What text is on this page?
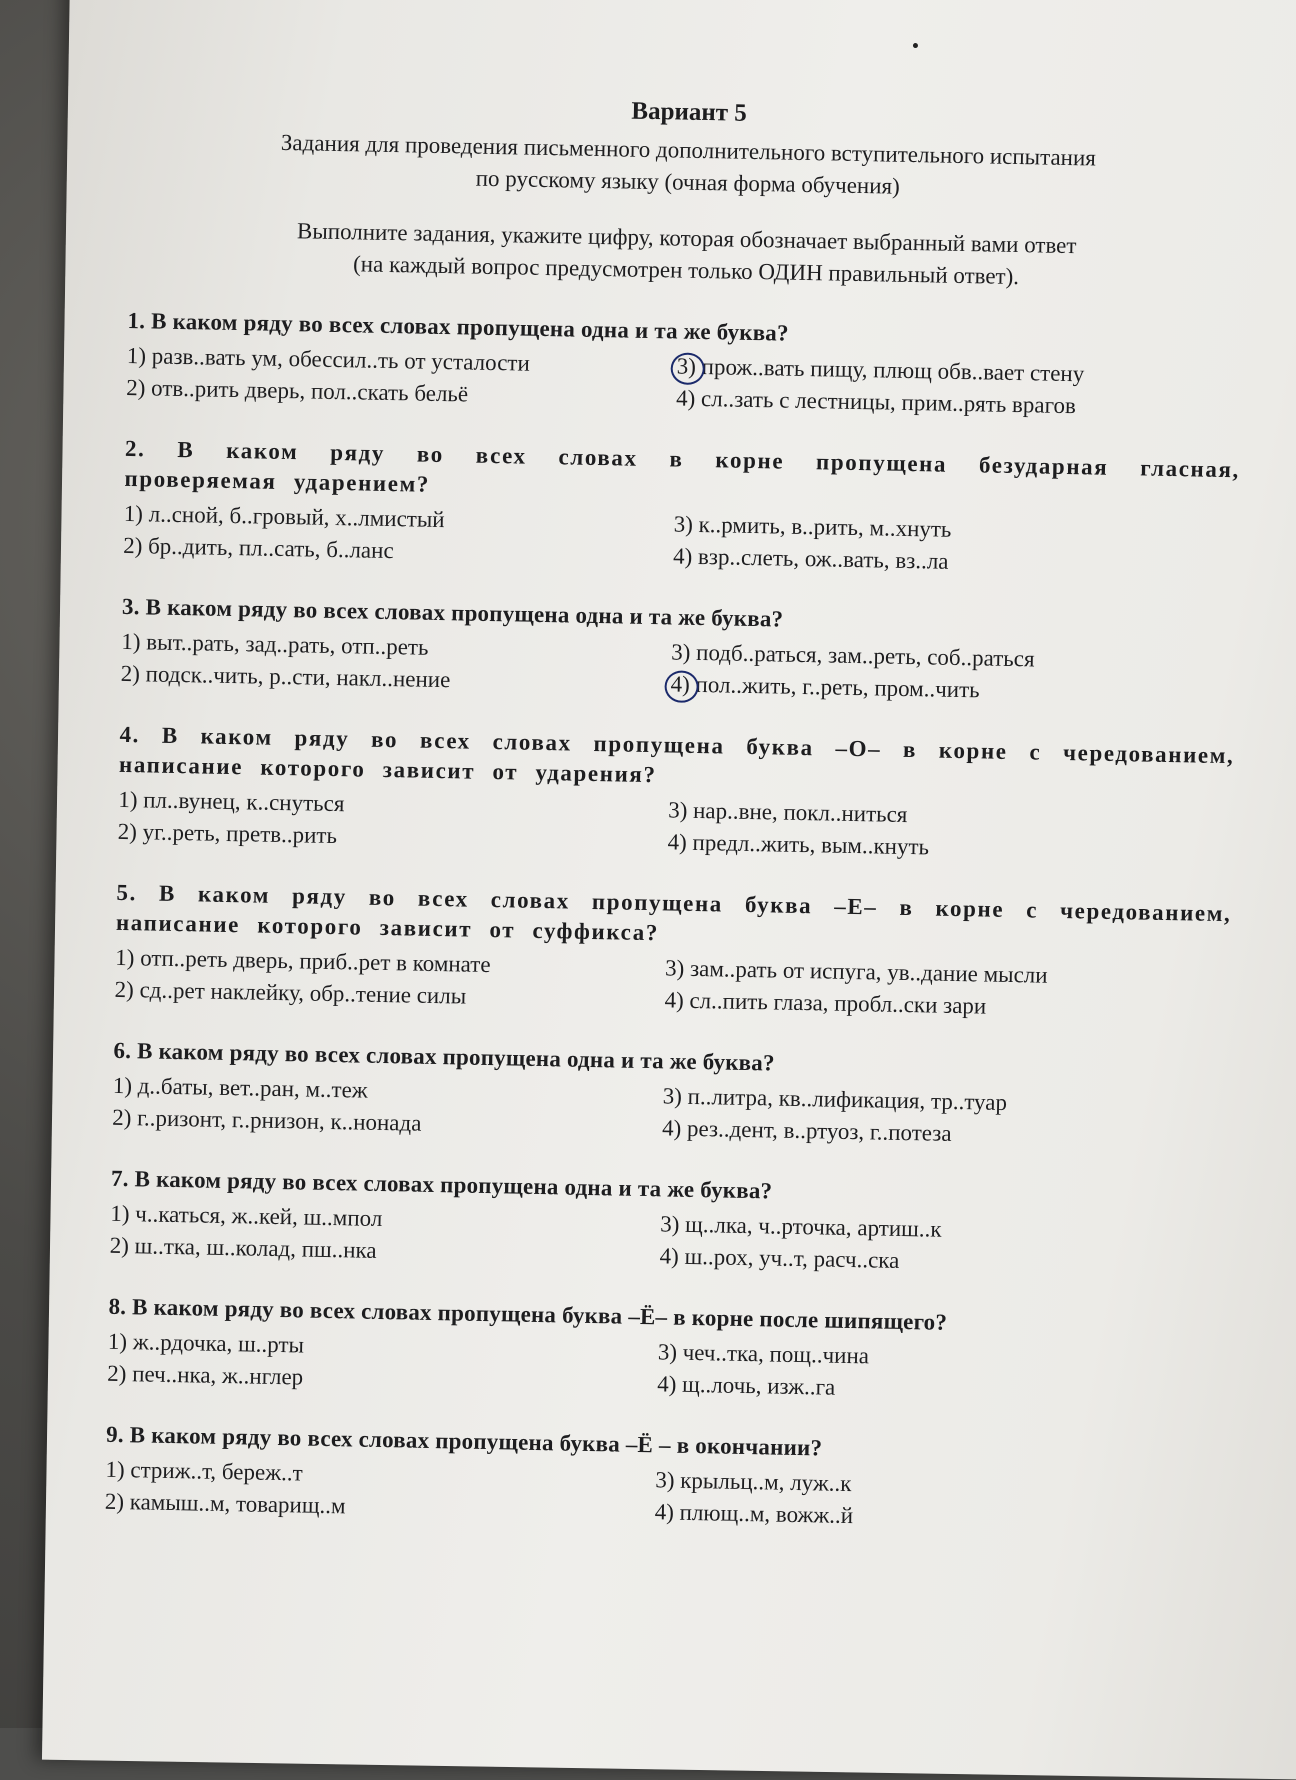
Вариант 5
Задания для проведения письменного дополнительного вступительного испытания
по русскому языку (очная форма обучения)
Выполните задания, укажите цифру, которая обозначает выбранный вами ответ
(на каждый вопрос предусмотрен только ОДИН правильный ответ).
1. В каком ряду во всех словах пропущена одна и та же буква?
1) разв..вать ум, обессил..ть от усталости	3) прож..вать пищу, плющ обв..вает стену
2) отв..рить дверь, пол..скать бельё	4) сл..зать с лестницы, прим..рять врагов
2. В каком ряду во всех словах в корне пропущена безударная гласная, проверяемая ударением?
1) л..сной, б..гровый, х..лмистый	3) к..рмить, в..рить, м..хнуть
2) бр..дить, пл..сать, б..ланс	4) взр..слеть, ож..вать, вз..ла
3. В каком ряду во всех словах пропущена одна и та же буква?
1) выт..рать, зад..рать, отп..реть	3) подб..раться, зам..реть, соб..раться
2) подск..чить, р..сти, накл..нение	4) пол..жить, г..реть, пром..чить
4. В каком ряду во всех словах пропущена буква –О– в корне с чередованием, написание которого зависит от ударения?
1) пл..вунец, к..снуться	3) нар..вне, покл..ниться
2) уг..реть, претв..рить	4) предл..жить, вым..кнуть
5. В каком ряду во всех словах пропущена буква –Е– в корне с чередованием, написание которого зависит от суффикса?
1) отп..реть дверь, приб..рет в комнате	3) зам..рать от испуга, ув..дание мысли
2) сд..рет наклейку, обр..тение силы	4) сл..пить глаза, пробл..ски зари
6. В каком ряду во всех словах пропущена одна и та же буква?
1) д..баты, вет..ран, м..теж	3) п..литра, кв..лификация, тр..туар
2) г..ризонт, г..рнизон, к..нонада	4) рез..дент, в..ртуоз, г..потеза
7. В каком ряду во всех словах пропущена одна и та же буква?
1) ч..каться, ж..кей, ш..мпол	3) щ..лка, ч..рточка, артиш..к
2) ш..тка, ш..колад, пш..нка	4) ш..рох, уч..т, расч..ска
8. В каком ряду во всех словах пропущена буква –Ё– в корне после шипящего?
1) ж..рдочка, ш..рты	3) чеч..тка, пощ..чина
2) печ..нка, ж..нглер	4) щ..лочь, изж..га
9. В каком ряду во всех словах пропущена буква –Ё – в окончании?
1) стриж..т, береж..т	3) крыльц..м, луж..к
2) камыш..м, товарищ..м	4) плющ..м, вожж..й
